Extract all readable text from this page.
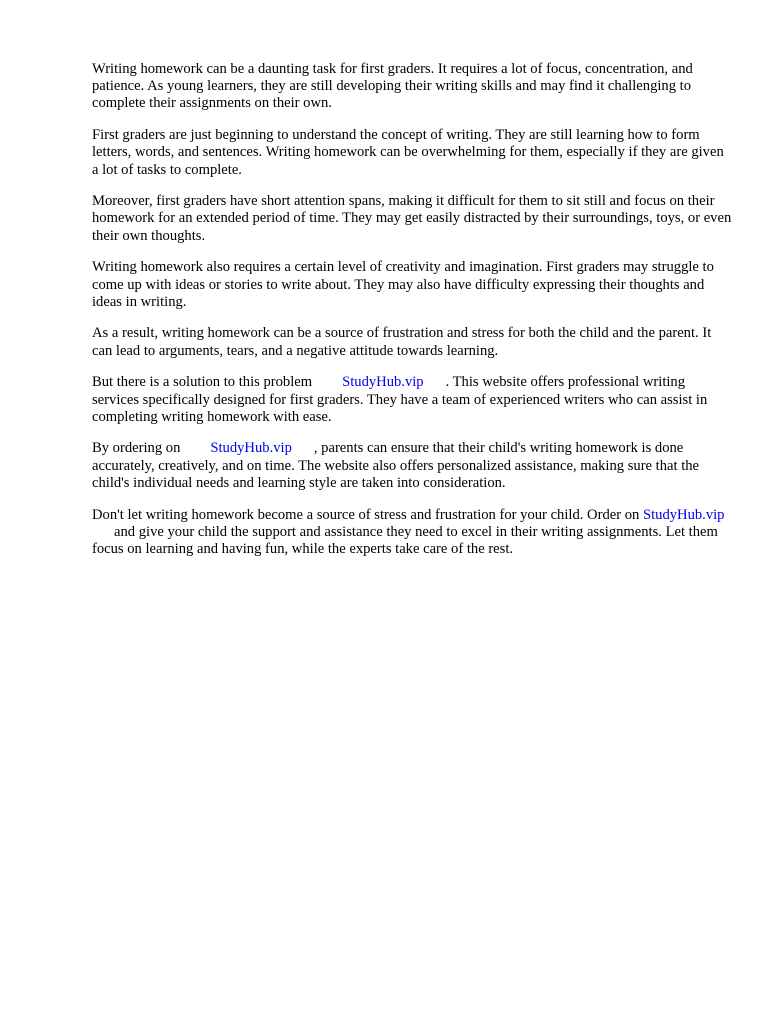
Writing homework can be a daunting task for first graders. It requires a lot of focus, concentration, and patience. As young learners, they are still developing their writing skills and may find it challenging to complete their assignments on their own.

First graders are just beginning to understand the concept of writing. They are still learning how to form letters, words, and sentences. Writing homework can be overwhelming for them, especially if they are given a lot of tasks to complete.

Moreover, first graders have short attention spans, making it difficult for them to sit still and focus on their homework for an extended period of time. They may get easily distracted by their surroundings, toys, or even their own thoughts.

Writing homework also requires a certain level of creativity and imagination. First graders may struggle to come up with ideas or stories to write about. They may also have difficulty expressing their thoughts and ideas in writing.

As a result, writing homework can be a source of frustration and stress for both the child and the parent. It can lead to arguments, tears, and a negative attitude towards learning.

But there is a solution to this problem StudyHub.vip . This website offers professional writing services specifically designed for first graders. They have a team of experienced writers who can assist in completing writing homework with ease.

By ordering on StudyHub.vip , parents can ensure that their child's writing homework is done accurately, creatively, and on time. The website also offers personalized assistance, making sure that the child's individual needs and learning style are taken into consideration.

Don't let writing homework become a source of stress and frustration for your child. Order on StudyHub.vipand give your child the support and assistance they need to excel in their writing assignments. Let them focus on learning and having fun, while the experts take care of the rest.
